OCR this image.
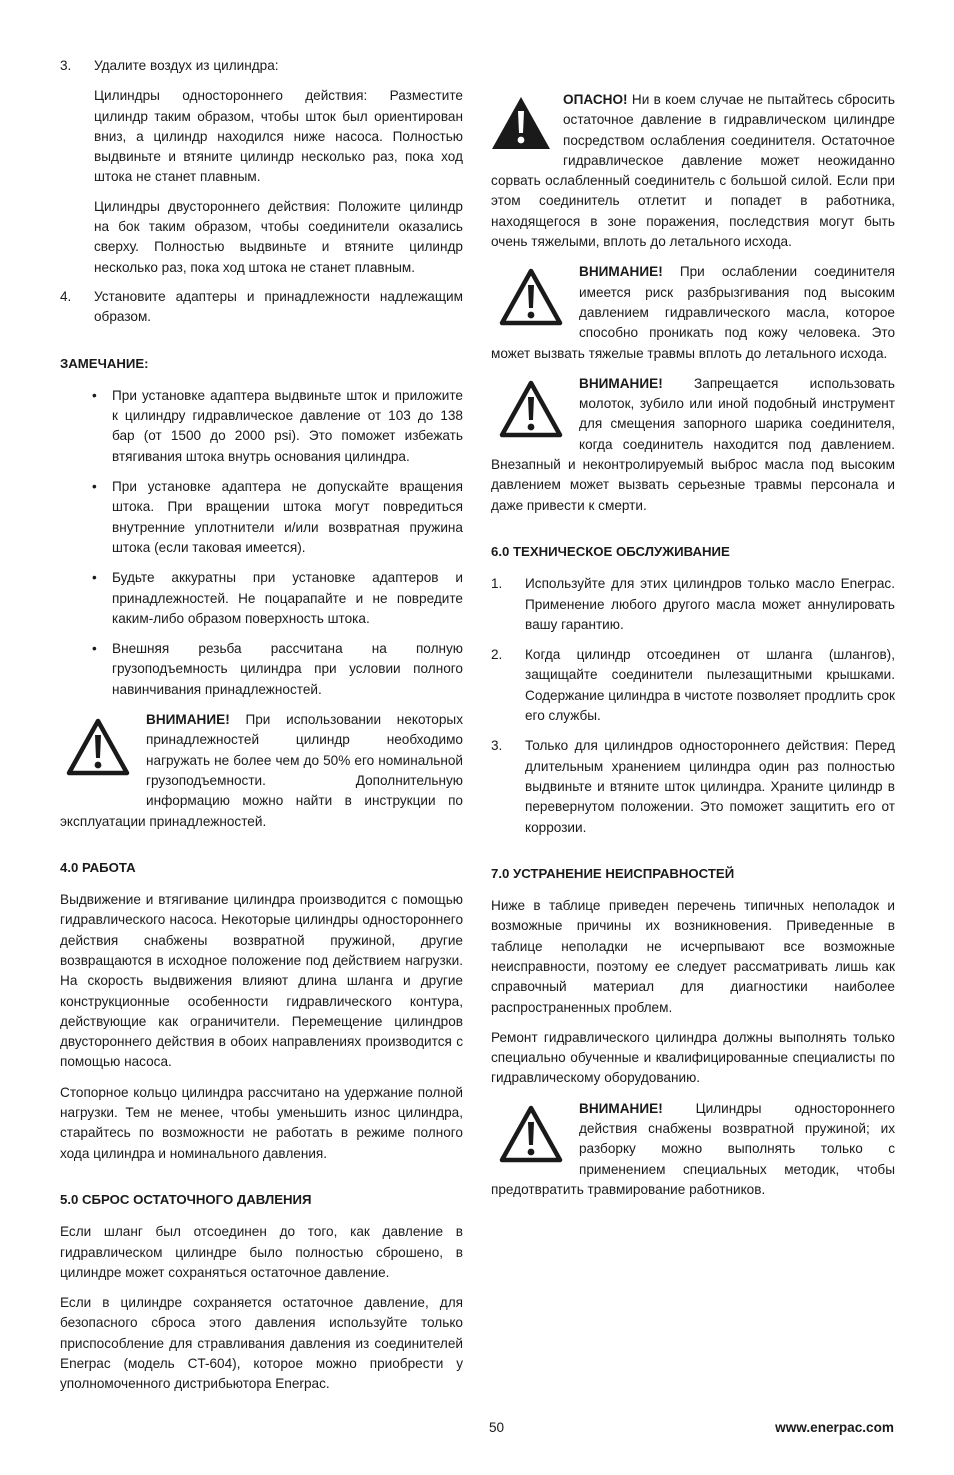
3. Удалите воздух из цилиндра:

Цилиндры одностороннего действия: Разместите цилиндр таким образом, чтобы шток был ориентирован вниз, а цилиндр находился ниже насоса. Полностью выдвиньте и втяните цилиндр несколько раз, пока ход штока не станет плавным.

Цилиндры двустороннего действия: Положите цилиндр на бок таким образом, чтобы соединители оказались сверху. Полностью выдвиньте и втяните цилиндр несколько раз, пока ход штока не станет плавным.

4. Установите адаптеры и принадлежности надлежащим образом.

ЗАМЕЧАНИЕ:
• При установке адаптера выдвиньте шток и приложите к цилиндру гидравлическое давление от 103 до 138 бар (от 1500 до 2000 psi). Это поможет избежать втягивания штока внутрь основания цилиндра.

• При установке адаптера не допускайте вращения штока. При вращении штока могут повредиться внутренние уплотнители и/или возвратная пружина штока (если таковая имеется).

• Будьте аккуратны при установке адаптеров и принадлежностей. Не поцарапайте и не повредите каким-либо образом поверхность штока.

• Внешняя резьба рассчитана на полную грузоподъемность цилиндра при условии полного навинчивания принадлежностей.

ВНИМАНИЕ! При использовании некоторых принадлежностей цилиндр необходимо нагружать не более чем до 50% его номинальной грузоподъемности. Дополнительную информацию можно найти в инструкции по эксплуатации принадлежностей.

4.0 РАБОТА

Выдвижение и втягивание цилиндра производится с помощью гидравлического насоса. Некоторые цилиндры одностороннего действия снабжены возвратной пружиной, другие возвращаются в исходное положение под действием нагрузки. На скорость выдвижения влияют длина шланга и другие конструкционные особенности гидравлического контура, действующие как ограничители. Перемещение цилиндров двустороннего действия в обоих направлениях производится с помощью насоса.

Стопорное кольцо цилиндра рассчитано на удержание полной нагрузки. Тем не менее, чтобы уменьшить износ цилиндра, старайтесь по возможности не работать в режиме полного хода цилиндра и номинального давления.

5.0 СБРОС ОСТАТОЧНОГО ДАВЛЕНИЯ

Если шланг был отсоединен до того, как давление в гидравлическом цилиндре было полностью сброшено, в цилиндре может сохраняться остаточное давление.

Если в цилиндре сохраняется остаточное давление, для безопасного сброса этого давления используйте только приспособление для стравливания давления из соединителей Enerpac (модель CT-604), которое можно приобрести у уполномоченного дистрибьютора Enerpac.

ОПАСНО! Ни в коем случае не пытайтесь сбросить остаточное давление в гидравлическом цилиндре посредством ослабления соединителя. Остаточное гидравлическое давление может неожиданно сорвать ослабленный соединитель с большой силой. Если при этом соединитель отлетит и попадет в работника, находящегося в зоне поражения, последствия могут быть очень тяжелыми, вплоть до летального исхода.

ВНИМАНИЕ! При ослаблении соединителя имеется риск разбрызгивания под высоким давлением гидравлического масла, которое способно проникать под кожу человека. Это может вызвать тяжелые травмы вплоть до летального исхода.

ВНИМАНИЕ! Запрещается использовать молоток, зубило или иной подобный инструмент для смещения запорного шарика соединителя, когда соединитель находится под давлением. Внезапный и неконтролируемый выброс масла под высоким давлением может вызвать серьезные травмы персонала и даже привести к смерти.

6.0 ТЕХНИЧЕСКОЕ ОБСЛУЖИВАНИЕ
1. Используйте для этих цилиндров только масло Enerpac. Применение любого другого масла может аннулировать вашу гарантию.

2. Когда цилиндр отсоединен от шланга (шлангов), защищайте соединители пылезащитными крышками. Содержание цилиндра в чистоте позволяет продлить срок его службы.

3. Только для цилиндров одностороннего действия: Перед длительным хранением цилиндра один раз полностью выдвиньте и втяните шток цилиндра. Храните цилиндр в перевернутом положении. Это поможет защитить его от коррозии.

7.0 УСТРАНЕНИЕ НЕИСПРАВНОСТЕЙ

Ниже в таблице приведен перечень типичных неполадок и возможные причины их возникновения. Приведенные в таблице неполадки не исчерпывают все возможные неисправности, поэтому ее следует рассматривать лишь как справочный материал для диагностики наиболее распространенных проблем.

Ремонт гидравлического цилиндра должны выполнять только специально обученные и квалифицированные специалисты по гидравлическому оборудованию.

ВНИМАНИЕ! Цилиндры одностороннего действия снабжены возвратной пружиной; их разборку можно выполнять только с применением специальных методик, чтобы предотвратить травмирование работников.

50	www.enerpac.com
